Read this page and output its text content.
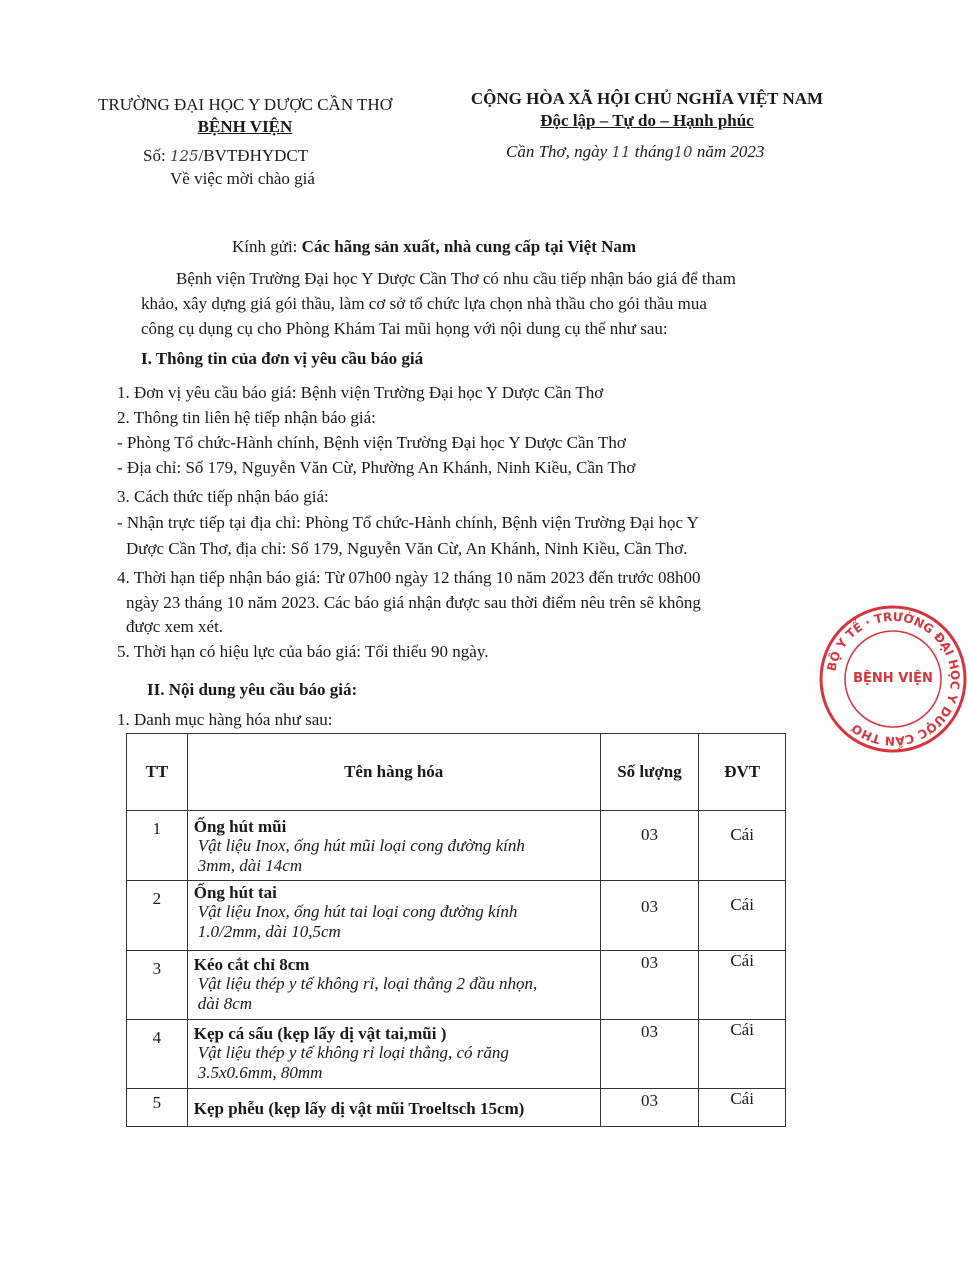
TRƯỜNG ĐẠI HỌC Y DƯỢC CẦN THƠ
BỆNH VIỆN
Số: 125/BVTĐHYDCT
Về việc mời chào giá
CỘNG HÒA XÃ HỘI CHỦ NGHĨA VIỆT NAM
Độc lập – Tự do – Hạnh phúc
Cần Thơ, ngày 11 tháng10 năm 2023
Kính gửi: Các hãng sản xuất, nhà cung cấp tại Việt Nam
Bệnh viện Trường Đại học Y Dược Cần Thơ có nhu cầu tiếp nhận báo giá để tham
khảo, xây dựng giá gói thầu, làm cơ sở tổ chức lựa chọn nhà thầu cho gói thầu mua
công cụ dụng cụ cho Phòng Khám Tai mũi họng với nội dung cụ thể như sau:
I. Thông tin của đơn vị yêu cầu báo giá
1. Đơn vị yêu cầu báo giá: Bệnh viện Trường Đại học Y Dược Cần Thơ
2. Thông tin liên hệ tiếp nhận báo giá:
- Phòng Tổ chức-Hành chính, Bệnh viện Trường Đại học Y Dược Cần Thơ
- Địa chỉ: Số 179, Nguyễn Văn Cừ, Phường An Khánh, Ninh Kiều, Cần Thơ
3. Cách thức tiếp nhận báo giá:
- Nhận trực tiếp tại địa chỉ: Phòng Tổ chức-Hành chính, Bệnh viện Trường Đại học Y
Dược Cần Thơ, địa chỉ: Số 179, Nguyễn Văn Cừ, An Khánh, Ninh Kiều, Cần Thơ.
4. Thời hạn tiếp nhận báo giá: Từ 07h00 ngày 12 tháng 10 năm 2023 đến trước 08h00
ngày 23 tháng 10 năm 2023. Các báo giá nhận được sau thời điểm nêu trên sẽ không
được xem xét.
5. Thời hạn có hiệu lực của báo giá: Tối thiểu 90 ngày.
II. Nội dung yêu cầu báo giá:
1. Danh mục hàng hóa như sau:
TT	Tên hàng hóa	Số lượng	ĐVT

1	Ống hút mũi
Vật liệu Inox, ống hút mũi loại cong đường kính
3mm, dài 14cm	03	Cái

2	Ống hút tai
Vật liệu Inox, ống hút tai loại cong đường kính
1.0/2mm, dài 10,5cm	03	Cái

3	Kéo cắt chỉ 8cm
Vật liệu thép y tế không rỉ, loại thẳng 2 đầu nhọn,
dài 8cm	03	Cái

4	Kẹp cá sấu (kẹp lấy dị vật tai,mũi )
Vật liệu thép y tế không rỉ loại thẳng, có răng
3.5x0.6mm, 80mm	03	Cái

5	Kẹp phễu (kẹp lấy dị vật mũi Troeltsch 15cm)	03	Cái
BỘ Y TẾ · TRƯỜNG ĐẠI HỌC Y DƯỢC CẦN THƠ
BỆNH VIỆN
